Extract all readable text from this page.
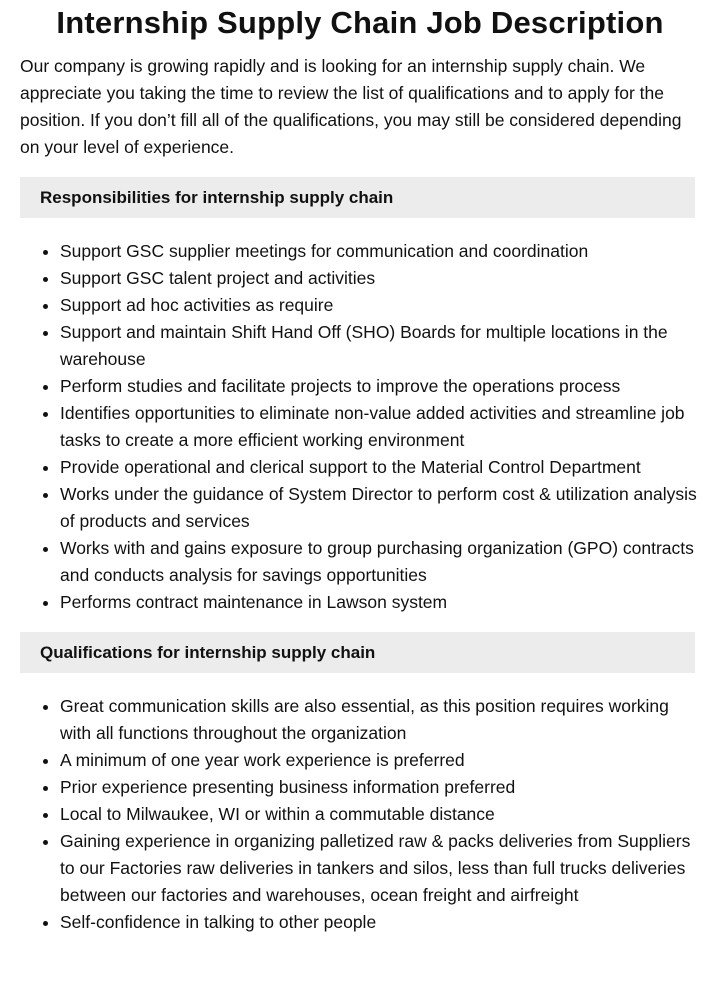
Internship Supply Chain Job Description

Our company is growing rapidly and is looking for an internship supply chain. We appreciate you taking the time to review the list of qualifications and to apply for the position. If you don’t fill all of the qualifications, you may still be considered depending on your level of experience.

Responsibilities for internship supply chain
• Support GSC supplier meetings for communication and coordination
• Support GSC talent project and activities
• Support ad hoc activities as require
• Support and maintain Shift Hand Off (SHO) Boards for multiple locations in the warehouse
• Perform studies and facilitate projects to improve the operations process
• Identifies opportunities to eliminate non-value added activities and streamline job tasks to create a more efficient working environment
• Provide operational and clerical support to the Material Control Department
• Works under the guidance of System Director to perform cost & utilization analysis of products and services
• Works with and gains exposure to group purchasing organization (GPO) contracts and conducts analysis for savings opportunities
• Performs contract maintenance in Lawson system
Qualifications for internship supply chain
• Great communication skills are also essential, as this position requires working with all functions throughout the organization
• A minimum of one year work experience is preferred
• Prior experience presenting business information preferred
• Local to Milwaukee, WI or within a commutable distance
• Gaining experience in organizing palletized raw & packs deliveries from Suppliers to our Factories raw deliveries in tankers and silos, less than full trucks deliveries between our factories and warehouses, ocean freight and airfreight
• Self-confidence in talking to other people
